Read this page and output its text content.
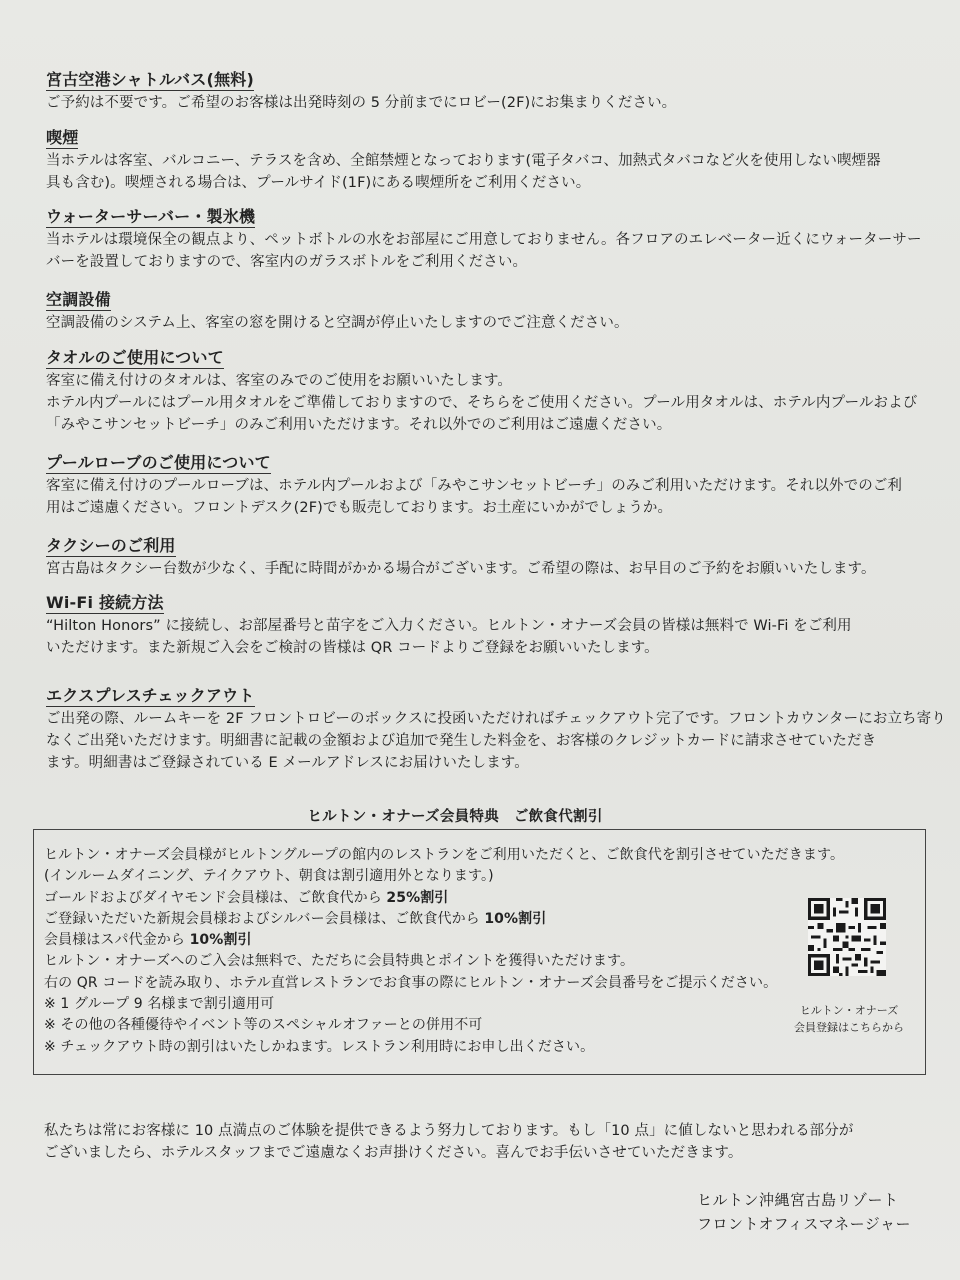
宮古空港シャトルバス(無料)
ご予約は不要です。ご希望のお客様は出発時刻の 5 分前までにロビー(2F)にお集まりください。
喫煙
当ホテルは客室、バルコニー、テラスを含め、全館禁煙となっております(電子タバコ、加熱式タバコなど火を使用しない喫煙器
具も含む)。喫煙される場合は、プールサイド(1F)にある喫煙所をご利用ください。
ウォーターサーバー・製氷機
当ホテルは環境保全の観点より、ペットボトルの水をお部屋にご用意しておりません。各フロアのエレベーター近くにウォーターサー
バーを設置しておりますので、客室内のガラスボトルをご利用ください。
空調設備
空調設備のシステム上、客室の窓を開けると空調が停止いたしますのでご注意ください。
タオルのご使用について
客室に備え付けのタオルは、客室のみでのご使用をお願いいたします。
ホテル内プールにはプール用タオルをご準備しておりますので、そちらをご使用ください。プール用タオルは、ホテル内プールおよび
「みやこサンセットビーチ」のみご利用いただけます。それ以外でのご利用はご遠慮ください。
プールローブのご使用について
客室に備え付けのプールローブは、ホテル内プールおよび「みやこサンセットビーチ」のみご利用いただけます。それ以外でのご利
用はご遠慮ください。フロントデスク(2F)でも販売しております。お土産にいかがでしょうか。
タクシーのご利用
宮古島はタクシー台数が少なく、手配に時間がかかる場合がございます。ご希望の際は、お早目のご予約をお願いいたします。
Wi-Fi 接続方法
“Hilton Honors” に接続し、お部屋番号と苗字をご入力ください。ヒルトン・オナーズ会員の皆様は無料で Wi-Fi をご利用
いただけます。また新規ご入会をご検討の皆様は QR コードよりご登録をお願いいたします。
エクスプレスチェックアウト
ご出発の際、ルームキーを 2F フロントロビーのボックスに投函いただければチェックアウト完了です。フロントカウンターにお立ち寄り
なくご出発いただけます。明細書に記載の金額および追加で発生した料金を、お客様のクレジットカードに請求させていただき
ます。明細書はご登録されている E メールアドレスにお届けいたします。
ヒルトン・オナーズ会員特典　ご飲食代割引
ヒルトン・オナーズ会員様がヒルトングループの館内のレストランをご利用いただくと、ご飲食代を割引させていただきます。
(インルームダイニング、テイクアウト、朝食は割引適用外となります。)
ゴールドおよびダイヤモンド会員様は、ご飲食代から 25%割引
ご登録いただいた新規会員様およびシルバー会員様は、ご飲食代から 10%割引
会員様はスパ代金から 10%割引
ヒルトン・オナーズへのご入会は無料で、ただちに会員特典とポイントを獲得いただけます。
右の QR コードを読み取り、ホテル直営レストランでお食事の際にヒルトン・オナーズ会員番号をご提示ください。
※ 1 グループ 9 名様まで割引適用可
※ その他の各種優待やイベント等のスペシャルオファーとの併用不可
※ チェックアウト時の割引はいたしかねます。レストラン利用時にお申し出ください。
ヒルトン・オナーズ
会員登録はこちらから
私たちは常にお客様に 10 点満点のご体験を提供できるよう努力しております。もし「10 点」に値しないと思われる部分が
ございましたら、ホテルスタッフまでご遠慮なくお声掛けください。喜んでお手伝いさせていただきます。
ヒルトン沖縄宮古島リゾート
フロントオフィスマネージャー
